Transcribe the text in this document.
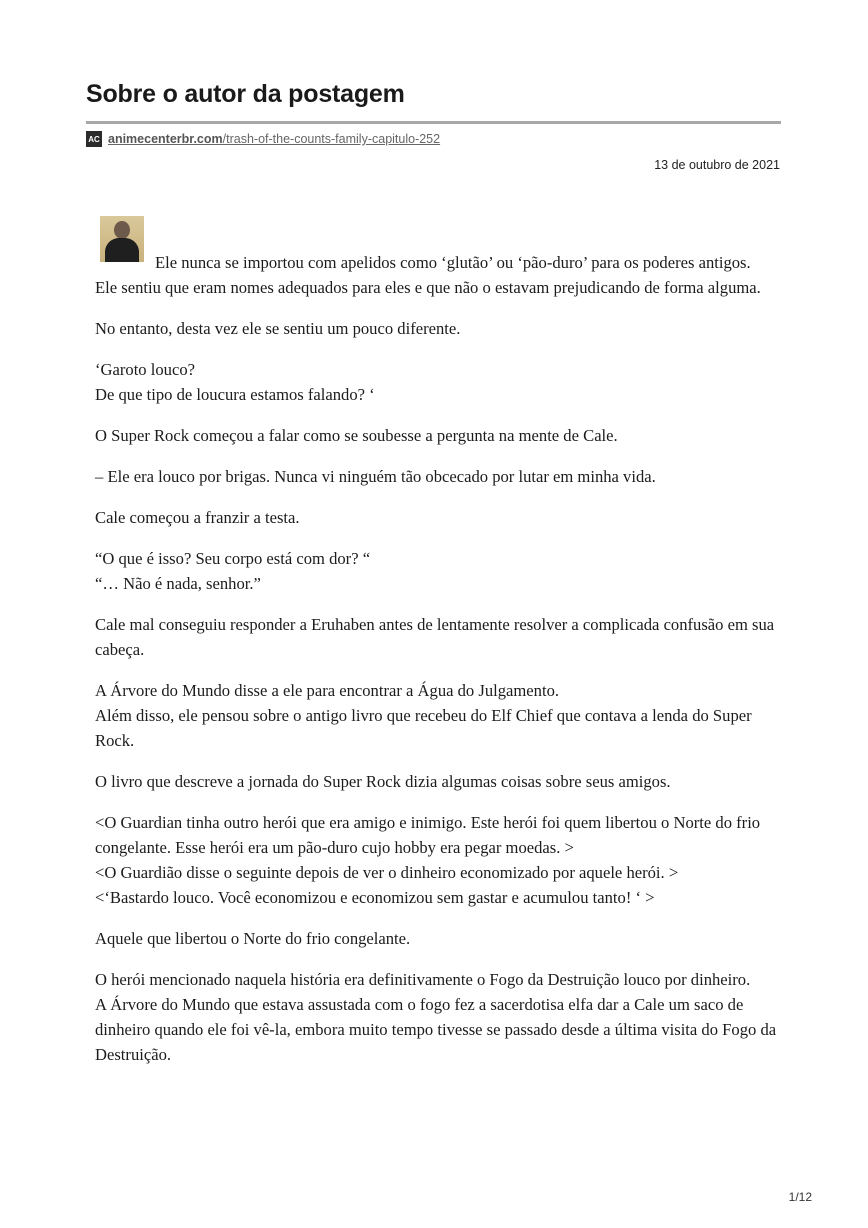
Sobre o autor da postagem
AC animecenterbr.com/trash-of-the-counts-family-capitulo-252
13 de outubro de 2021

Ele nunca se importou com apelidos como ‘glutão’ ou ‘pão-duro’ para os poderes antigos.
Ele sentiu que eram nomes adequados para eles e que não o estavam prejudicando de forma alguma.

No entanto, desta vez ele se sentiu um pouco diferente.

‘Garoto louco?
De que tipo de loucura estamos falando? ‘

O Super Rock começou a falar como se soubesse a pergunta na mente de Cale.

– Ele era louco por brigas. Nunca vi ninguém tão obcecado por lutar em minha vida.

Cale começou a franzir a testa.

“O que é isso? Seu corpo está com dor? “
“… Não é nada, senhor.”

Cale mal conseguiu responder a Eruhaben antes de lentamente resolver a complicada confusão em sua cabeça.

A Árvore do Mundo disse a ele para encontrar a Água do Julgamento.
Além disso, ele pensou sobre o antigo livro que recebeu do Elf Chief que contava a lenda do Super Rock.

O livro que descreve a jornada do Super Rock dizia algumas coisas sobre seus amigos.

<O Guardian tinha outro herói que era amigo e inimigo. Este herói foi quem libertou o Norte do frio congelante. Esse herói era um pão-duro cujo hobby era pegar moedas. >
<O Guardião disse o seguinte depois de ver o dinheiro economizado por aquele herói. >
<‘Bastardo louco. Você economizou e economizou sem gastar e acumulou tanto! ‘ >

Aquele que libertou o Norte do frio congelante.

O herói mencionado naquela história era definitivamente o Fogo da Destruição louco por dinheiro.
A Árvore do Mundo que estava assustada com o fogo fez a sacerdotisa elfa dar a Cale um saco de dinheiro quando ele foi vê-la, embora muito tempo tivesse se passado desde a última visita do Fogo da Destruição.

1/12
